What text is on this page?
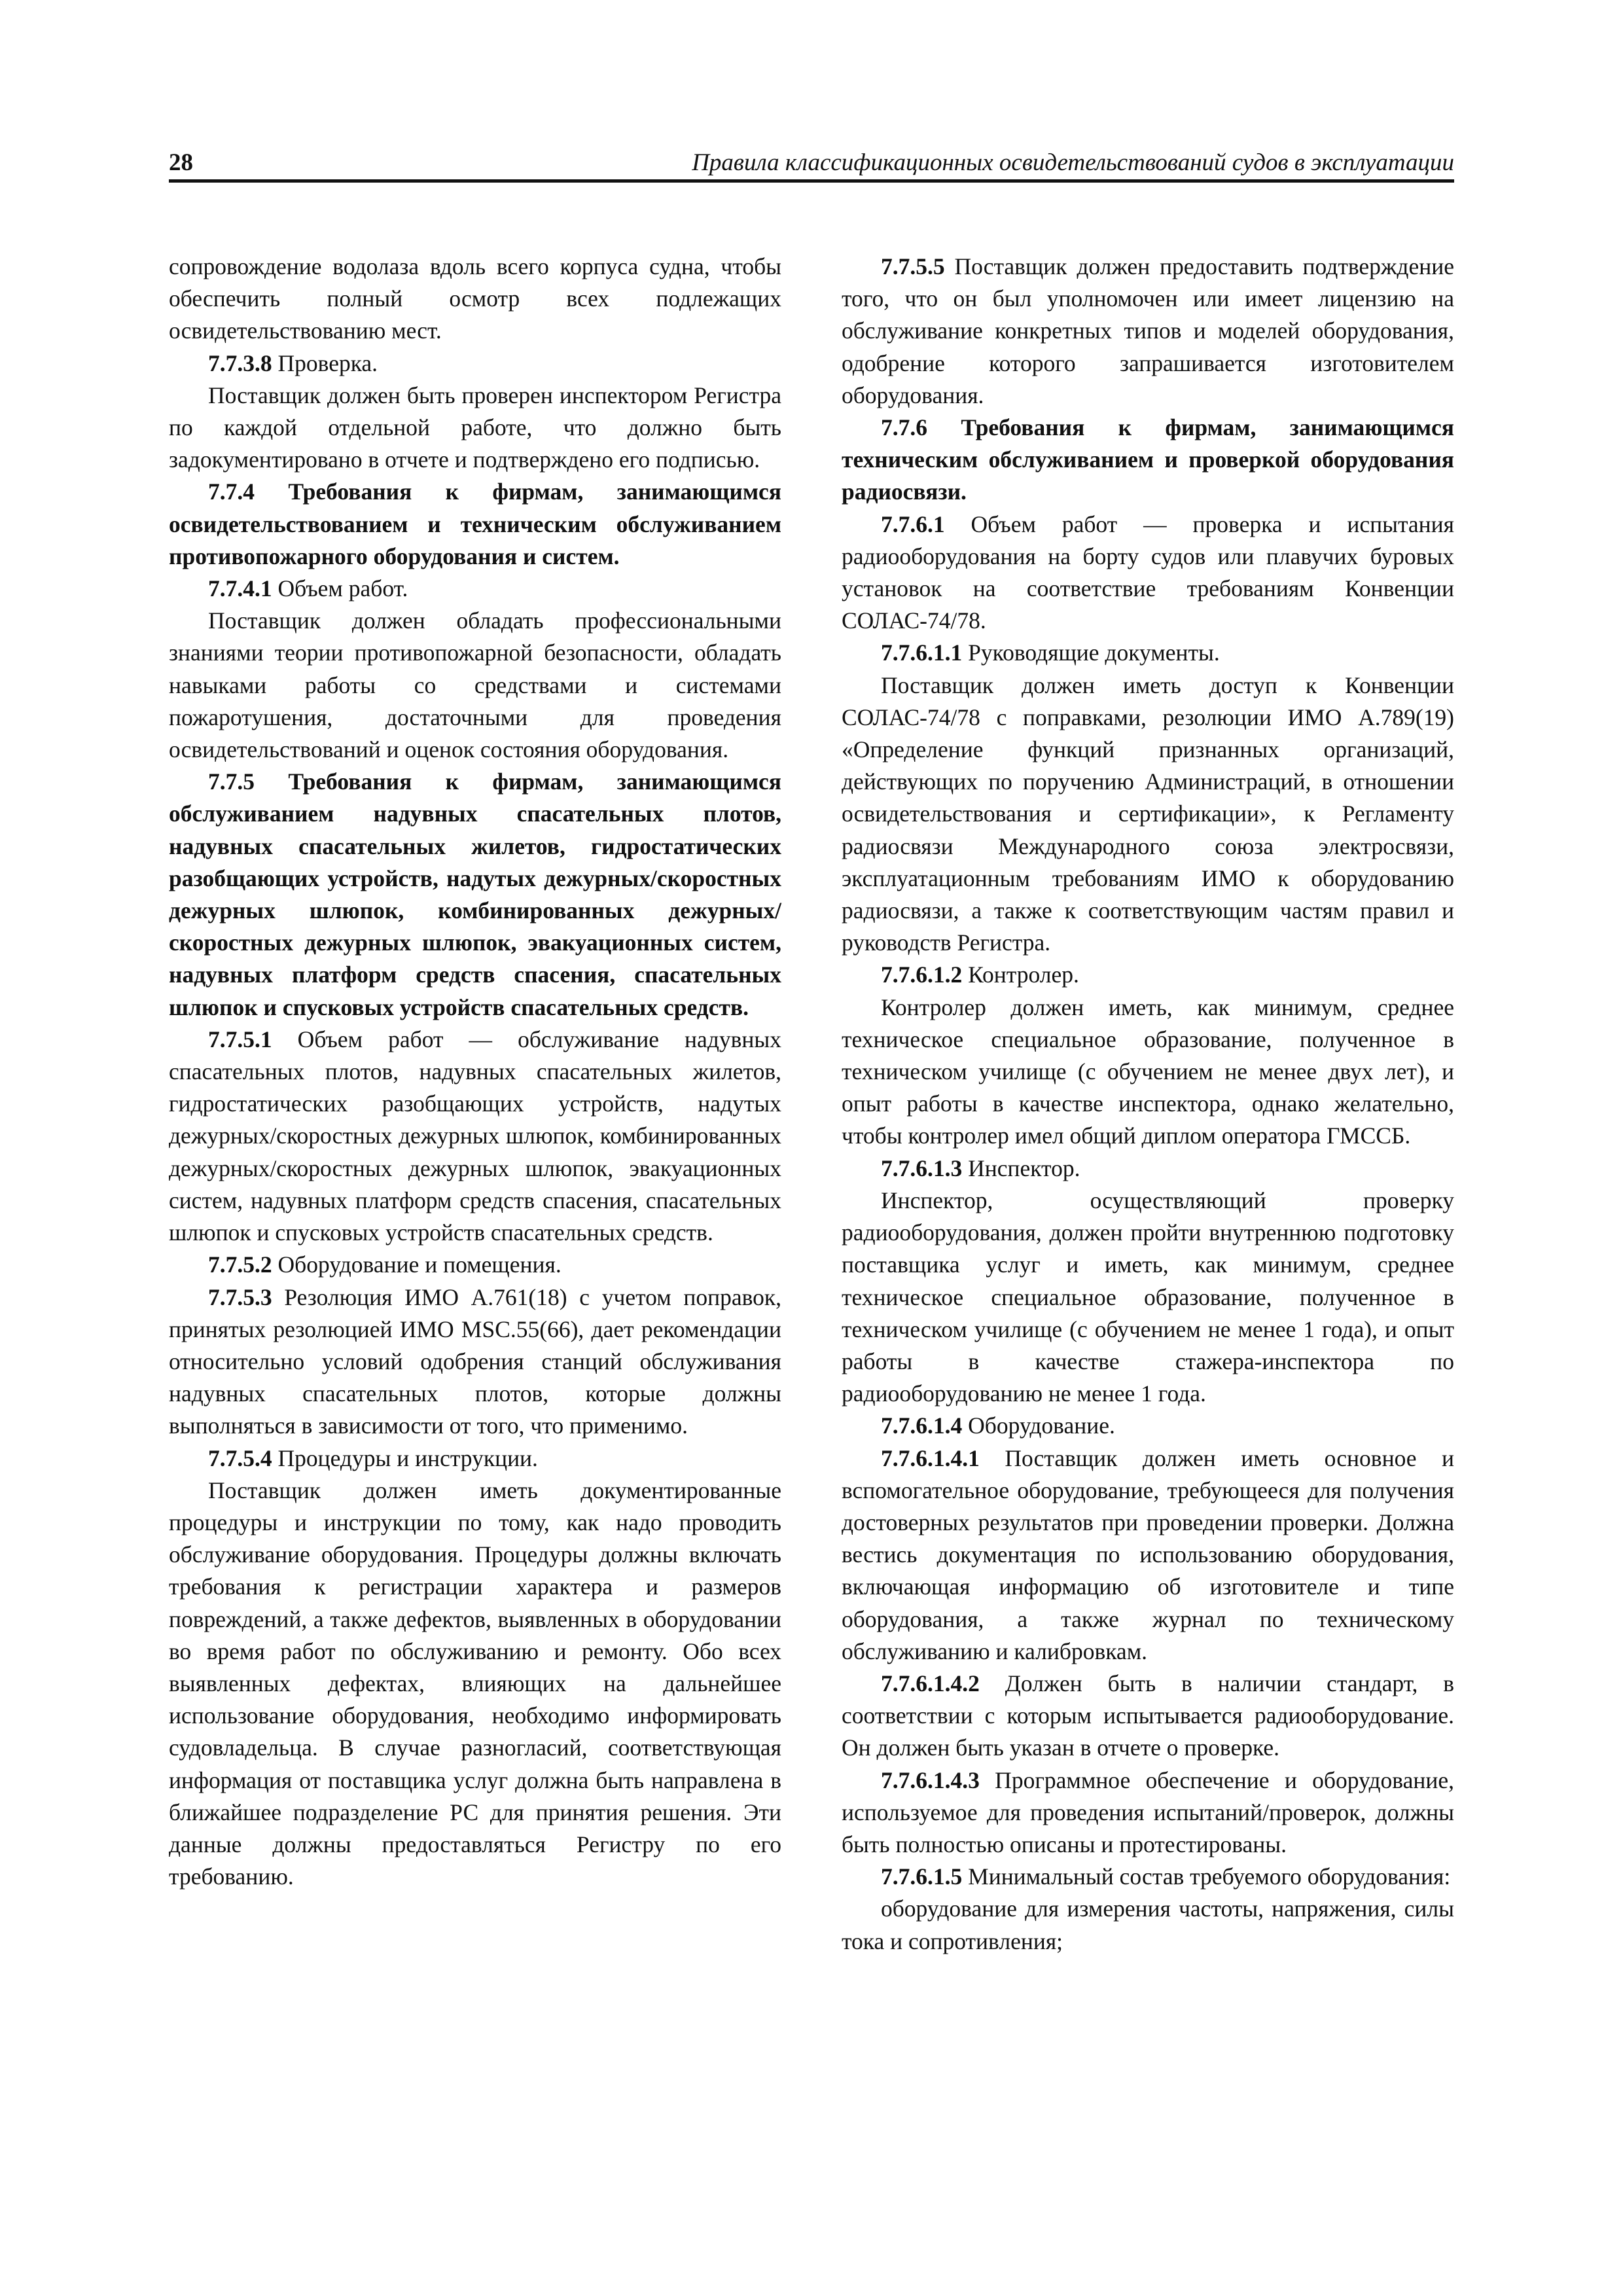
28	Правила классификационных освидетельствований судов в эксплуатации

сопровождение водолаза вдоль всего корпуса судна, чтобы обеспечить полный осмотр всех подлежащих освидетельствованию мест.

7.7.3.8 Проверка.

Поставщик должен быть проверен инспектором Регистра по каждой отдельной работе, что должно быть задокументировано в отчете и подтверждено его подписью.

7.7.4 Требования к фирмам, занимающимся освидетельствованием и техническим обслуживанием противопожарного оборудования и систем.

7.7.4.1 Объем работ.

Поставщик должен обладать профессиональными знаниями теории противопожарной безопасности, обладать навыками работы со средствами и системами пожаротушения, достаточными для проведения освидетельствований и оценок состояния оборудования.

7.7.5 Требования к фирмам, занимающимся обслуживанием надувных спасательных плотов, надувных спасательных жилетов, гидростатических разобщающих устройств, надутых дежурных/скоростных дежурных шлюпок, комбинированных дежурных/скоростных дежурных шлюпок, эвакуационных систем, надувных платформ средств спасения, спасательных шлюпок и спусковых устройств спасательных средств.

7.7.5.1 Объем работ — обслуживание надувных спасательных плотов, надувных спасательных жилетов, гидростатических разобщающих устройств, надутых дежурных/скоростных дежурных шлюпок, комбинированных дежурных/скоростных дежурных шлюпок, эвакуационных систем, надувных платформ средств спасения, спасательных шлюпок и спусковых устройств спасательных средств.

7.7.5.2 Оборудование и помещения.

7.7.5.3 Резолюция ИМО А.761(18) с учетом поправок, принятых резолюцией ИМО MSC.55(66), дает рекомендации относительно условий одобрения станций обслуживания надувных спасательных плотов, которые должны выполняться в зависимости от того, что применимо.

7.7.5.4 Процедуры и инструкции.

Поставщик должен иметь документированные процедуры и инструкции по тому, как надо проводить обслуживание оборудования. Процедуры должны включать требования к регистрации характера и размеров повреждений, а также дефектов, выявленных в оборудовании во время работ по обслуживанию и ремонту. Обо всех выявленных дефектах, влияющих на дальнейшее использование оборудования, необходимо информировать судовладельца. В случае разногласий, соответствующая информация от поставщика услуг должна быть направлена в ближайшее подразделение РС для принятия решения. Эти данные должны предоставляться Регистру по его требованию.

7.7.5.5 Поставщик должен предоставить подтверждение того, что он был уполномочен или имеет лицензию на обслуживание конкретных типов и моделей оборудования, одобрение которого запрашивается изготовителем оборудования.

7.7.6 Требования к фирмам, занимающимся техническим обслуживанием и проверкой оборудования радиосвязи.

7.7.6.1 Объем работ — проверка и испытания радиооборудования на борту судов или плавучих буровых установок на соответствие требованиям Конвенции СОЛАС-74/78.

7.7.6.1.1 Руководящие документы.

Поставщик должен иметь доступ к Конвенции СОЛАС-74/78 с поправками, резолюции ИМО А.789(19) «Определение функций признанных организаций, действующих по поручению Администраций, в отношении освидетельствования и сертификации», к Регламенту радиосвязи Международного союза электросвязи, эксплуатационным требованиям ИМО к оборудованию радиосвязи, а также к соответствующим частям правил и руководств Регистра.

7.7.6.1.2 Контролер.

Контролер должен иметь, как минимум, среднее техническое специальное образование, полученное в техническом училище (с обучением не менее двух лет), и опыт работы в качестве инспектора, однако желательно, чтобы контролер имел общий диплом оператора ГМССБ.

7.7.6.1.3 Инспектор.

Инспектор, осуществляющий проверку радиооборудования, должен пройти внутреннюю подготовку поставщика услуг и иметь, как минимум, среднее техническое специальное образование, полученное в техническом училище (с обучением не менее 1 года), и опыт работы в качестве стажера-инспектора по радиооборудованию не менее 1 года.

7.7.6.1.4 Оборудование.

7.7.6.1.4.1 Поставщик должен иметь основное и вспомогательное оборудование, требующееся для получения достоверных результатов при проведении проверки. Должна вестись документация по использованию оборудования, включающая информацию об изготовителе и типе оборудования, а также журнал по техническому обслуживанию и калибровкам.

7.7.6.1.4.2 Должен быть в наличии стандарт, в соответствии с которым испытывается радиооборудование. Он должен быть указан в отчете о проверке.

7.7.6.1.4.3 Программное обеспечение и оборудование, используемое для проведения испытаний/проверок, должны быть полностью описаны и протестированы.

7.7.6.1.5 Минимальный состав требуемого оборудования:

оборудование для измерения частоты, напряжения, силы тока и сопротивления;
